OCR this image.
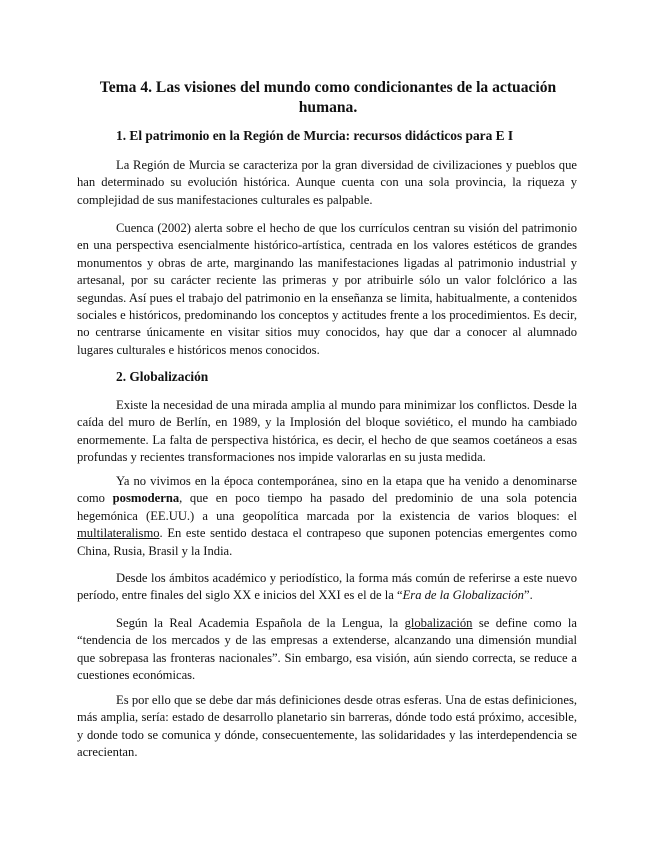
Tema 4. Las visiones del mundo como condicionantes de la actuación humana.
1. El patrimonio en la Región de Murcia: recursos didácticos para E I

La Región de Murcia se caracteriza por la gran diversidad de civilizaciones y pueblos que han determinado su evolución histórica. Aunque cuenta con una sola provincia, la riqueza y complejidad de sus manifestaciones culturales es palpable.

Cuenca (2002) alerta sobre el hecho de que los currículos centran su visión del patrimonio en una perspectiva esencialmente histórico-artística, centrada en los valores estéticos de grandes monumentos y obras de arte, marginando las manifestaciones ligadas al patrimonio industrial y artesanal, por su carácter reciente las primeras y por atribuirle sólo un valor folclórico a las segundas. Así pues el trabajo del patrimonio en la enseñanza se limita, habitualmente, a contenidos sociales e históricos, predominando los conceptos y actitudes frente a los procedimientos. Es decir, no centrarse únicamente en visitar sitios muy conocidos, hay que dar a conocer al alumnado lugares culturales e históricos menos conocidos.

2. Globalización

Existe la necesidad de una mirada amplia al mundo para minimizar los conflictos. Desde la caída del muro de Berlín, en 1989, y la Implosión del bloque soviético, el mundo ha cambiado enormemente. La falta de perspectiva histórica, es decir, el hecho de que seamos coetáneos a esas profundas y recientes transformaciones nos impide valorarlas en su justa medida.

Ya no vivimos en la época contemporánea, sino en la etapa que ha venido a denominarse como posmoderna, que en poco tiempo ha pasado del predominio de una sola potencia hegemónica (EE.UU.) a una geopolítica marcada por la existencia de varios bloques: el multilateralismo. En este sentido destaca el contrapeso que suponen potencias emergentes como China, Rusia, Brasil y la India.

Desde los ámbitos académico y periodístico, la forma más común de referirse a este nuevo período, entre finales del siglo XX e inicios del XXI es el de la “Era de la Globalización”.

Según la Real Academia Española de la Lengua, la globalización se define como la “tendencia de los mercados y de las empresas a extenderse, alcanzando una dimensión mundial que sobrepasa las fronteras nacionales”. Sin embargo, esa visión, aún siendo correcta, se reduce a cuestiones económicas.

Es por ello que se debe dar más definiciones desde otras esferas. Una de estas definiciones, más amplia, sería: estado de desarrollo planetario sin barreras, dónde todo está próximo, accesible, y donde todo se comunica y dónde, consecuentemente, las solidaridades y las interdependencia se acrecientan.
